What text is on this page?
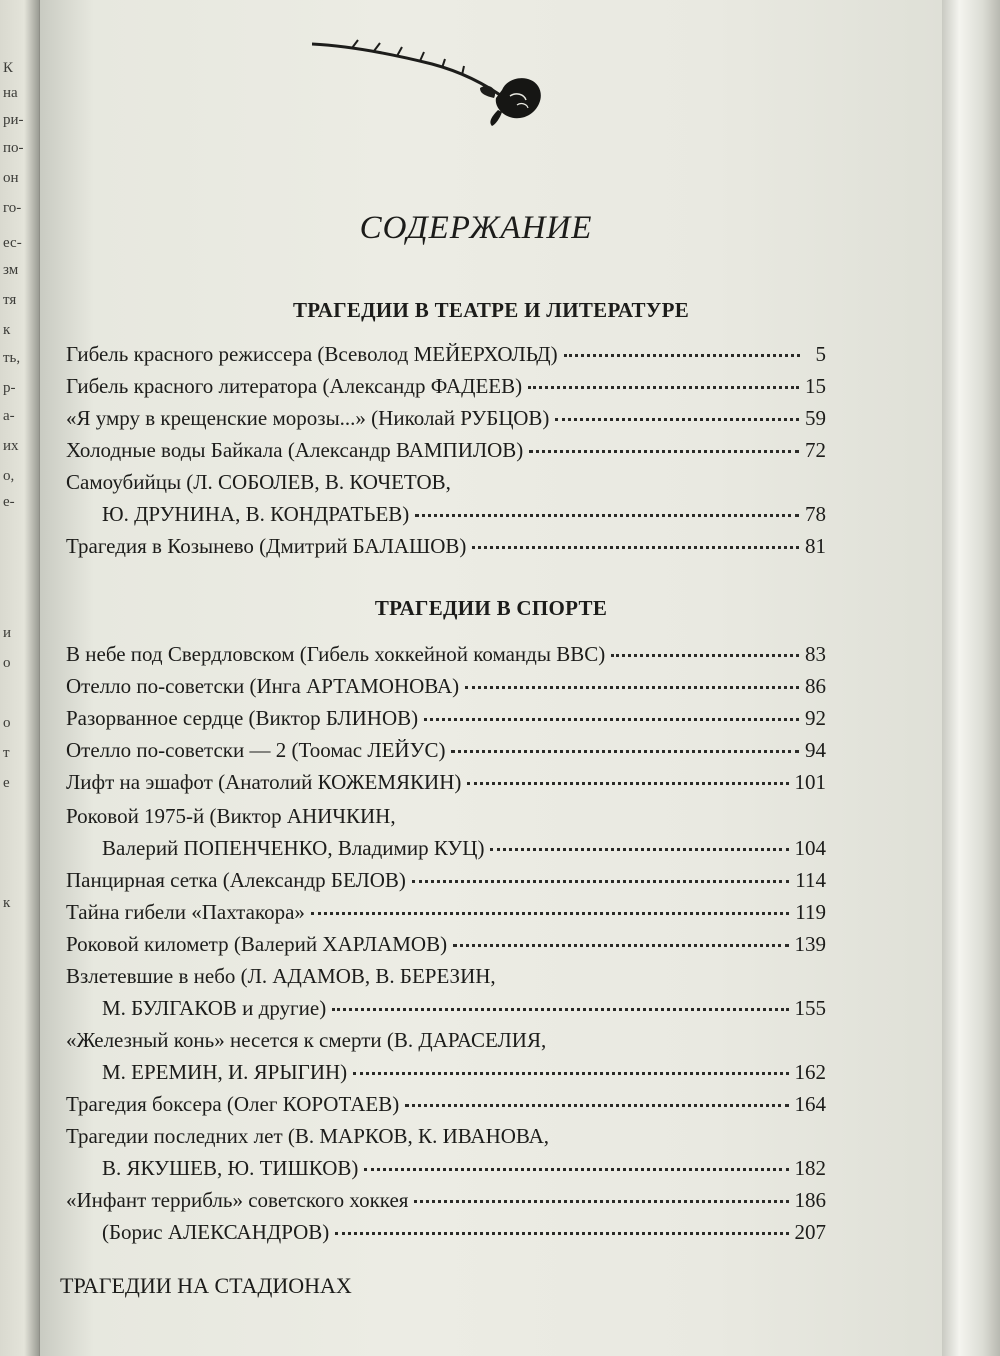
К
на
ри-
по-
он
го-
ес-
зм
тя
к
ть,
р-
а-
их
о,
е-
и
о
о
т
е
к
СОДЕРЖАНИЕ
ТРАГЕДИИ В ТЕАТРЕ И ЛИТЕРАТУРЕ
Гибель красного режиссера (Всеволод МЕЙЕРХОЛЬД)	5
Гибель красного литератора (Александр ФАДЕЕВ)	15
«Я умру в крещенские морозы...» (Николай РУБЦОВ)	59
Холодные воды Байкала (Александр ВАМПИЛОВ)	72
Самоубийцы (Л. СОБОЛЕВ, В. КОЧЕТОВ,
Ю. ДРУНИНА, В. КОНДРАТЬЕВ)	78
Трагедия в Козынево (Дмитрий БАЛАШОВ)	81
ТРАГЕДИИ В СПОРТЕ
В небе под Свердловском (Гибель хоккейной команды ВВС)	83
Отелло по-советски (Инга АРТАМОНОВА)	86
Разорванное сердце (Виктор БЛИНОВ)	92
Отелло по-советски — 2 (Тоомас ЛЕЙУС)	94
Лифт на эшафот (Анатолий КОЖЕМЯКИН)	101
Роковой 1975-й (Виктор АНИЧКИН,
Валерий ПОПЕНЧЕНКО, Владимир КУЦ)	104
Панцирная сетка (Александр БЕЛОВ)	114
Тайна гибели «Пахтакора»	119
Роковой километр (Валерий ХАРЛАМОВ)	139
Взлетевшие в небо (Л. АДАМОВ, В. БЕРЕЗИН,
М. БУЛГАКОВ и другие)	155
«Железный конь» несется к смерти (В. ДАРАСЕЛИЯ,
М. ЕРЕМИН, И. ЯРЫГИН)	162
Трагедия боксера (Олег КОРОТАЕВ)	164
Трагедии последних лет (В. МАРКОВ, К. ИВАНОВА,
В. ЯКУШЕВ, Ю. ТИШКОВ)	182
«Инфант террибль» советского хоккея	186
(Борис АЛЕКСАНДРОВ)	207
ТРАГЕДИИ НА СТАДИОНАХ
